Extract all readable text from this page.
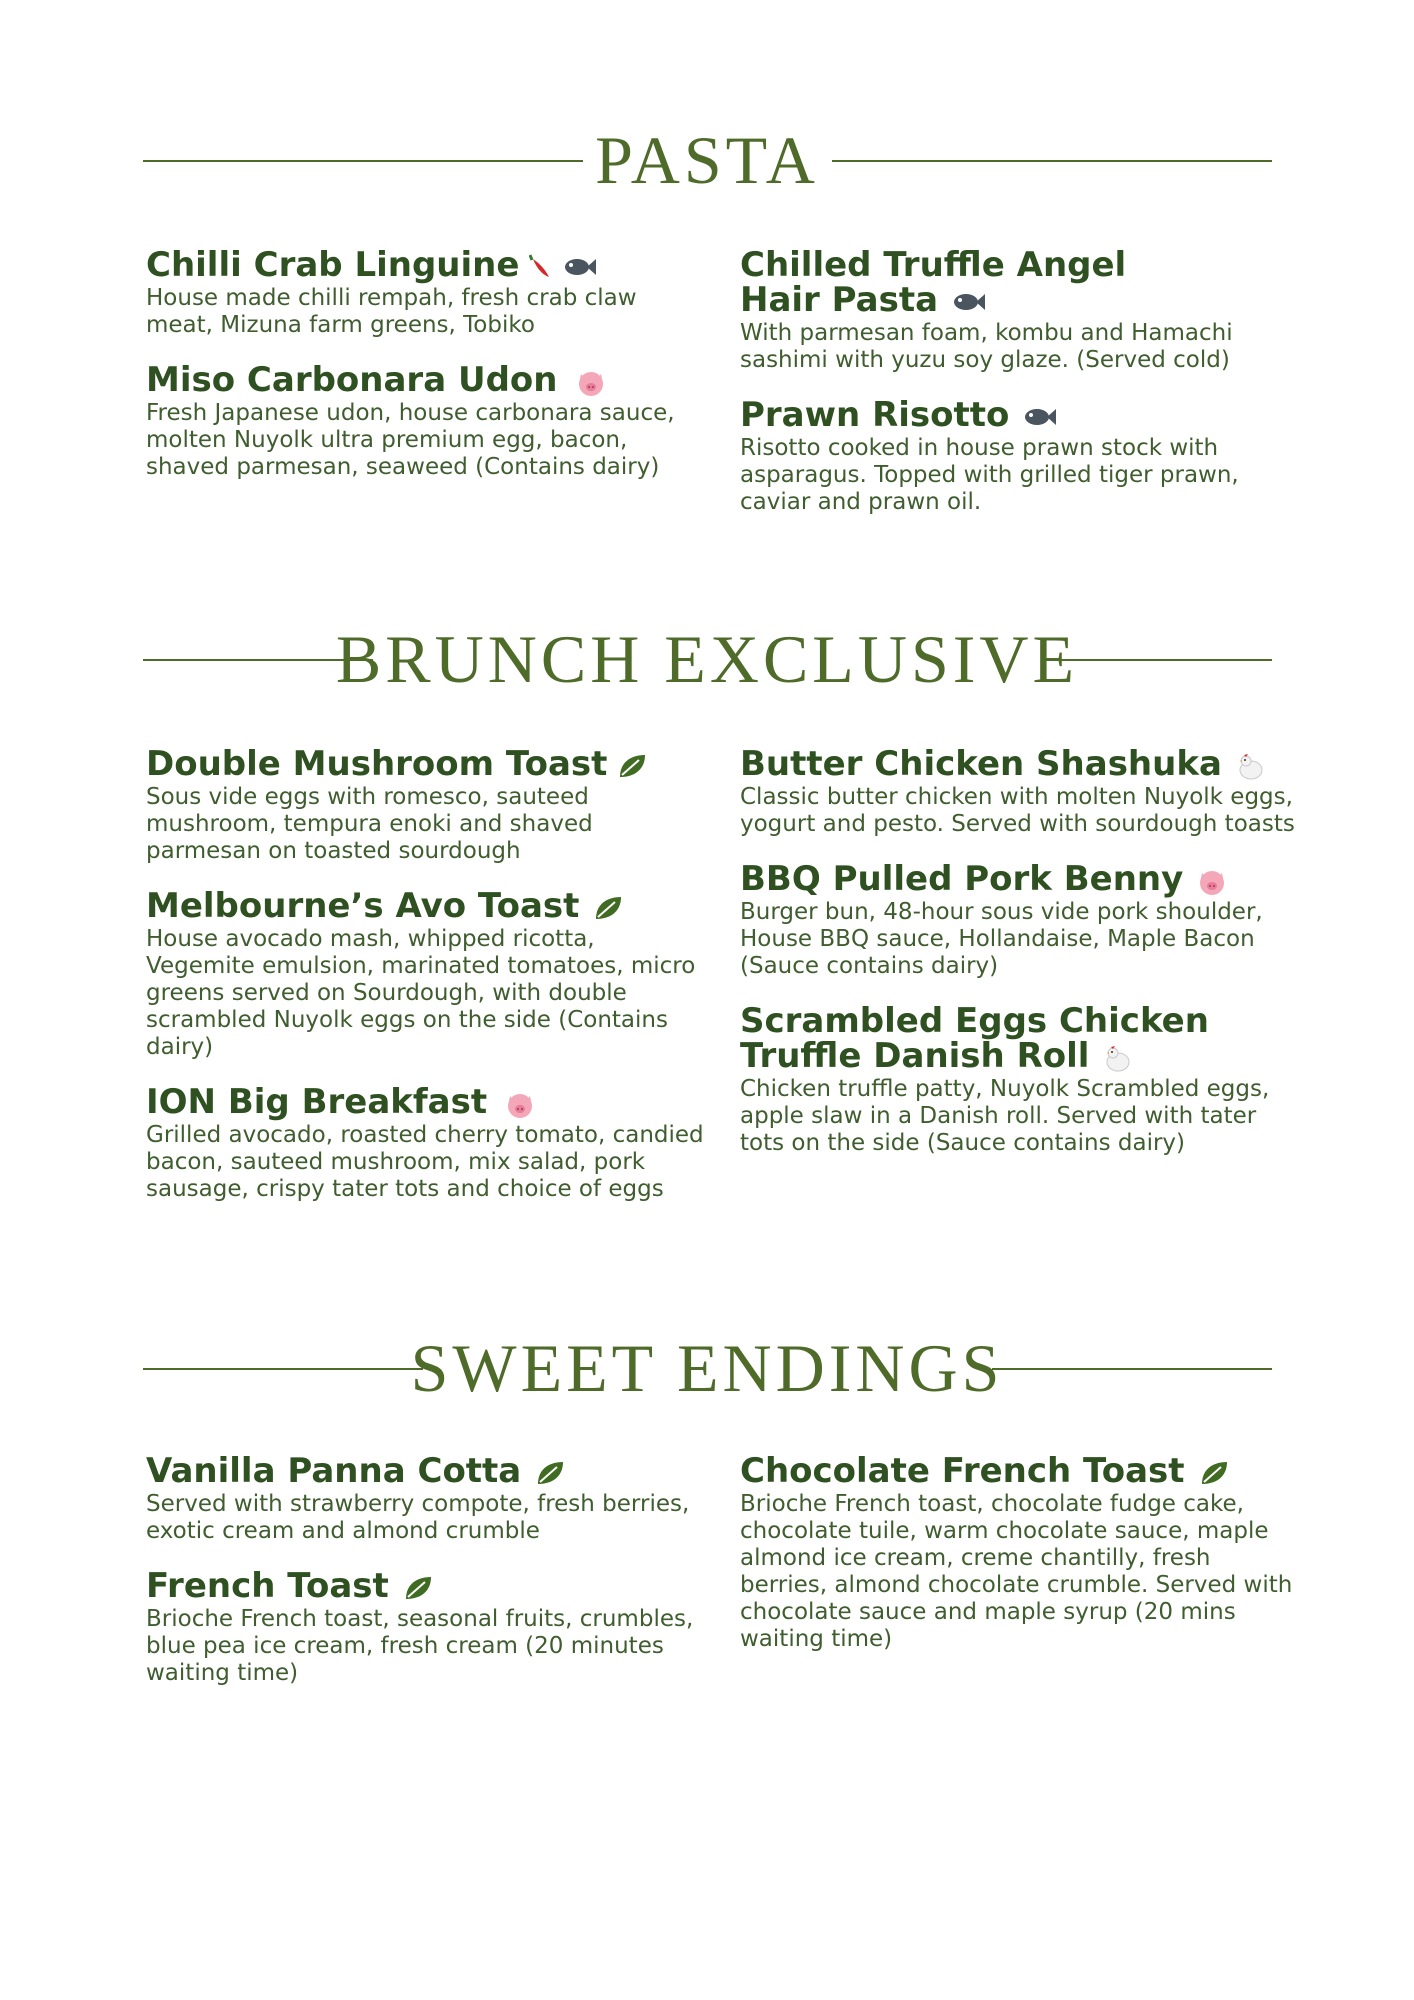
PASTA
Chilli Crab Linguine
House made chilli rempah, fresh crab claw meat, Mizuna farm greens, Tobiko
Miso Carbonara Udon
Fresh Japanese udon, house carbonara sauce, molten Nuyolk ultra premium egg, bacon, shaved parmesan, seaweed (Contains dairy)
Chilled Truffle Angel Hair Pasta
With parmesan foam, kombu and Hamachi sashimi with yuzu soy glaze. (Served cold)
Prawn Risotto
Risotto cooked in house prawn stock with asparagus. Topped with grilled tiger prawn, caviar and prawn oil.
BRUNCH EXCLUSIVE
Double Mushroom Toast
Sous vide eggs with romesco, sauteed mushroom, tempura enoki and shaved parmesan on toasted sourdough
Melbourne’s Avo Toast
House avocado mash, whipped ricotta, Vegemite emulsion, marinated tomatoes, micro greens served on Sourdough, with double scrambled Nuyolk eggs on the side (Contains dairy)
ION Big Breakfast
Grilled avocado, roasted cherry tomato, candied bacon, sauteed mushroom, mix salad, pork sausage, crispy tater tots and choice of eggs
Butter Chicken Shashuka
Classic butter chicken with molten Nuyolk eggs, yogurt and pesto. Served with sourdough toasts
BBQ Pulled Pork Benny
Burger bun, 48-hour sous vide pork shoulder, House BBQ sauce, Hollandaise, Maple Bacon (Sauce contains dairy)
Scrambled Eggs Chicken Truffle Danish Roll
Chicken truffle patty, Nuyolk Scrambled eggs, apple slaw in a Danish roll. Served with tater tots on the side (Sauce contains dairy)
SWEET ENDINGS
Vanilla Panna Cotta
Served with strawberry compote, fresh berries, exotic cream and almond crumble
French Toast
Brioche French toast, seasonal fruits, crumbles, blue pea ice cream, fresh cream (20 minutes waiting time)
Chocolate French Toast
Brioche French toast, chocolate fudge cake, chocolate tuile, warm chocolate sauce, maple almond ice cream, creme chantilly, fresh berries, almond chocolate crumble. Served with chocolate sauce and maple syrup (20 mins waiting time)
